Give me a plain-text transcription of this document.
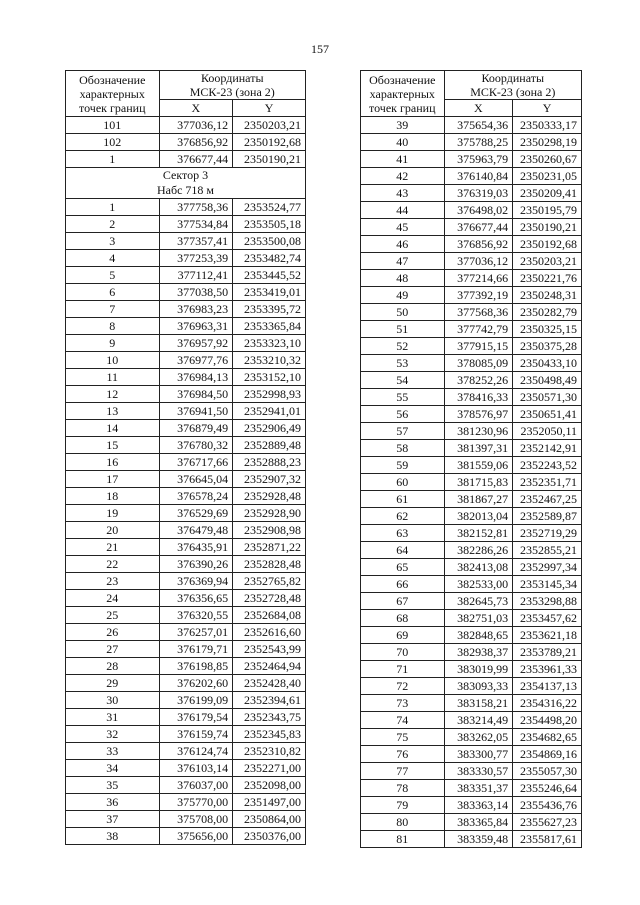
157
Обозначение
характерных
точек границ	Координаты
МСК-23 (зона 2)	
	X	Y
101	377036,12	2350203,21
102	376856,92	2350192,68
1	376677,44	2350190,21
Сектор 3
Набс 718 м		
1	377758,36	2353524,77
2	377534,84	2353505,18
3	377357,41	2353500,08
4	377253,39	2353482,74
5	377112,41	2353445,52
6	377038,50	2353419,01
7	376983,23	2353395,72
8	376963,31	2353365,84
9	376957,92	2353323,10
10	376977,76	2353210,32
11	376984,13	2353152,10
12	376984,50	2352998,93
13	376941,50	2352941,01
14	376879,49	2352906,49
15	376780,32	2352889,48
16	376717,66	2352888,23
17	376645,04	2352907,32
18	376578,24	2352928,48
19	376529,69	2352928,90
20	376479,48	2352908,98
21	376435,91	2352871,22
22	376390,26	2352828,48
23	376369,94	2352765,82
24	376356,65	2352728,48
25	376320,55	2352684,08
26	376257,01	2352616,60
27	376179,71	2352543,99
28	376198,85	2352464,94
29	376202,60	2352428,40
30	376199,09	2352394,61
31	376179,54	2352343,75
32	376159,74	2352345,83
33	376124,74	2352310,82
34	376103,14	2352271,00
35	376037,00	2352098,00
36	375770,00	2351497,00
37	375708,00	2350864,00
38	375656,00	2350376,00
Обозначение
характерных
точек границ	Координаты
МСК-23 (зона 2)	
	X	Y
39	375654,36	2350333,17
40	375788,25	2350298,19
41	375963,79	2350260,67
42	376140,84	2350231,05
43	376319,03	2350209,41
44	376498,02	2350195,79
45	376677,44	2350190,21
46	376856,92	2350192,68
47	377036,12	2350203,21
48	377214,66	2350221,76
49	377392,19	2350248,31
50	377568,36	2350282,79
51	377742,79	2350325,15
52	377915,15	2350375,28
53	378085,09	2350433,10
54	378252,26	2350498,49
55	378416,33	2350571,30
56	378576,97	2350651,41
57	381230,96	2352050,11
58	381397,31	2352142,91
59	381559,06	2352243,52
60	381715,83	2352351,71
61	381867,27	2352467,25
62	382013,04	2352589,87
63	382152,81	2352719,29
64	382286,26	2352855,21
65	382413,08	2352997,34
66	382533,00	2353145,34
67	382645,73	2353298,88
68	382751,03	2353457,62
69	382848,65	2353621,18
70	382938,37	2353789,21
71	383019,99	2353961,33
72	383093,33	2354137,13
73	383158,21	2354316,22
74	383214,49	2354498,20
75	383262,05	2354682,65
76	383300,77	2354869,16
77	383330,57	2355057,30
78	383351,37	2355246,64
79	383363,14	2355436,76
80	383365,84	2355627,23
81	383359,48	2355817,61
